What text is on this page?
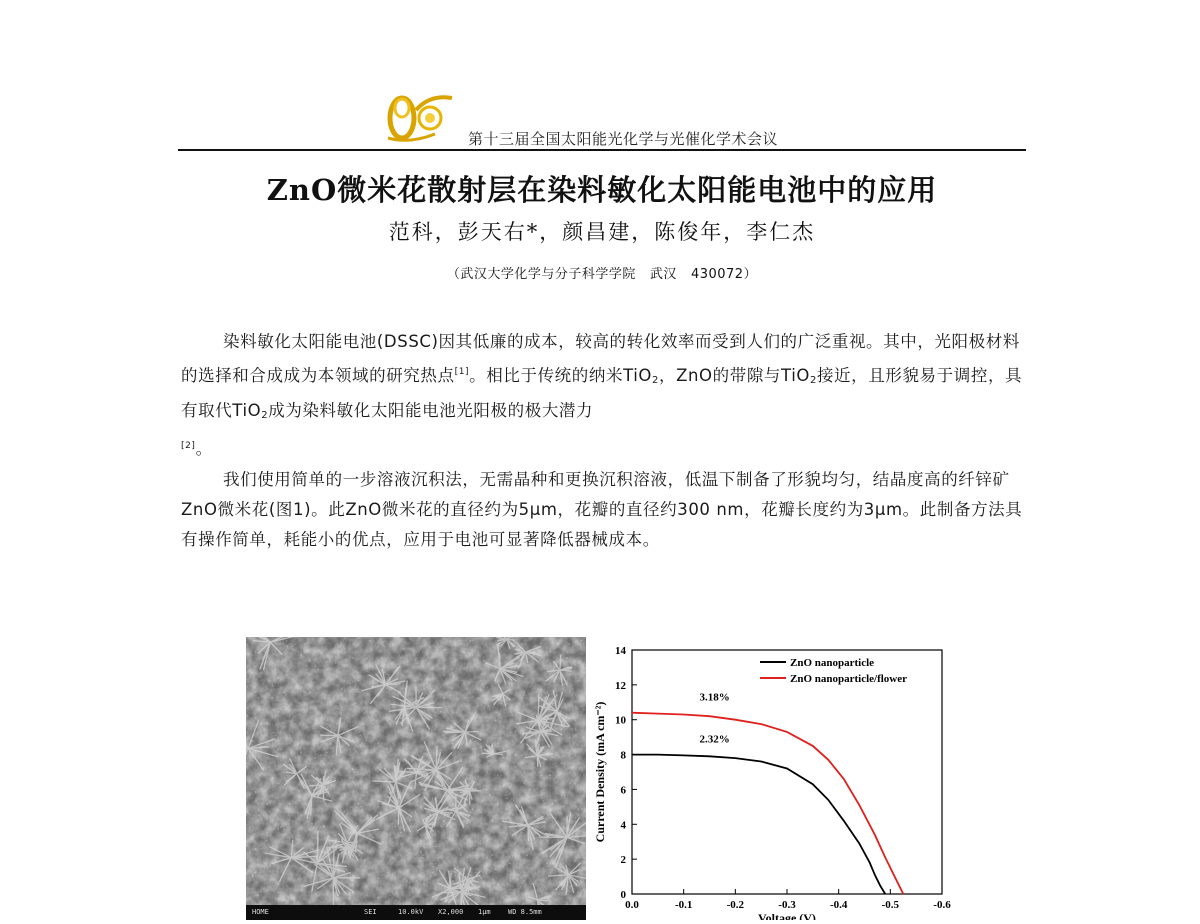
第十三届全国太阳能光化学与光催化学术会议
ZnO微米花散射层在染料敏化太阳能电池中的应用
范科，彭天右*，颜昌建，陈俊年，李仁杰
（武汉大学化学与分子科学学院 武汉 430072）
染料敏化太阳能电池(DSSC)因其低廉的成本，较高的转化效率而受到人们的广泛重视。其中，光阳极材料的选择和合成成为本领域的研究热点[1]。相比于传统的纳米TiO$_2$，ZnO的带隙与TiO$_2$接近，且形貌易于调控，具有取代TiO$_2$成为染料敏化太阳能电池光阳极的极大潜力
[2]。
我们使用简单的一步溶液沉积法，无需晶种和更换沉积溶液，低温下制备了形貌均匀，结晶度高的纤锌矿ZnO微米花(图1)。此ZnO微米花的直径约为5μm，花瓣的直径约300 nm，花瓣长度约为3μm。此制备方法具有操作简单，耗能小的优点，应用于电池可显著降低器械成本。
HOME	SEI	10.0kV X2,000 1μm WD 8.5mm
0.0	-0.1	-0.2	-0.3	-0.4	-0.5	-0.6
0
2
4
6
8
10
12
14
Voltage (V)
Current Density (mA cm⁻²)
ZnO nanoparticle
ZnO nanoparticle/flower
3.18%
2.32%
